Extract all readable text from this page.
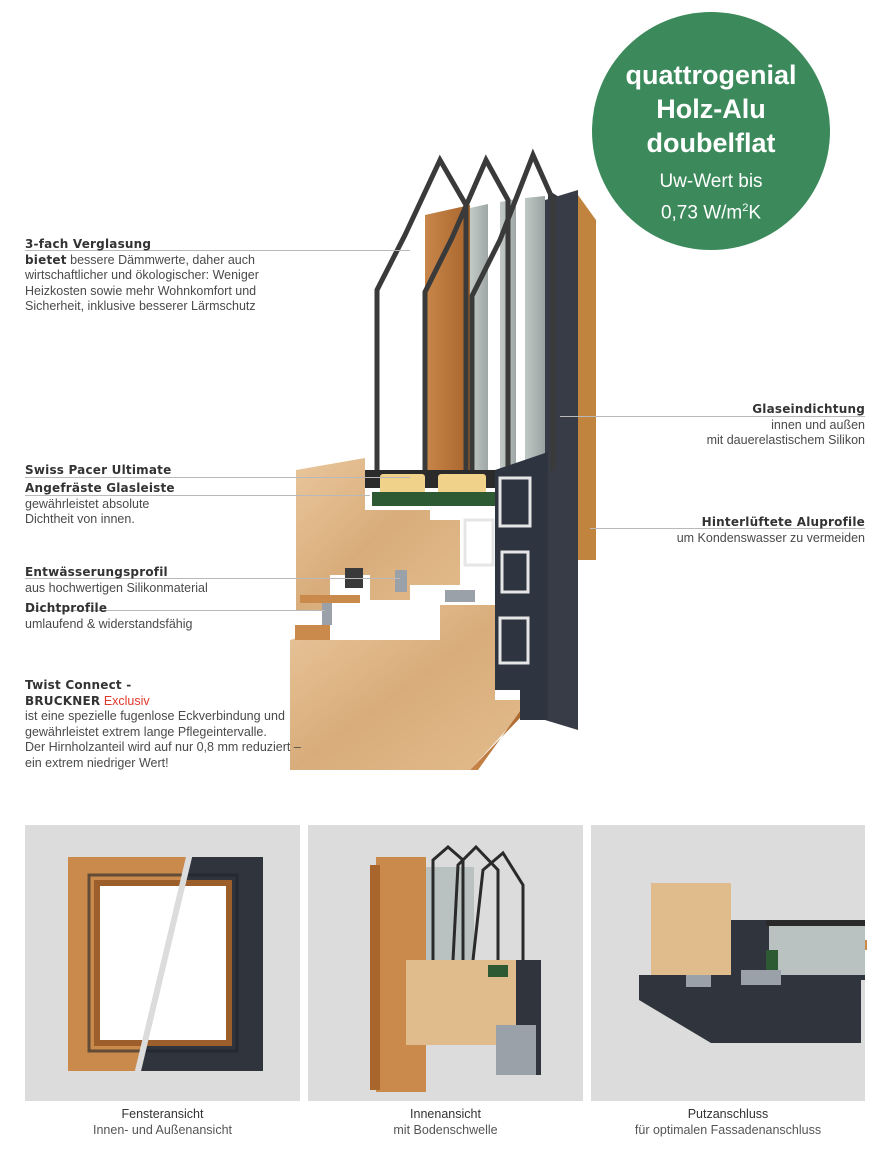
quattrogenial
Holz-Alu
doubelflat
Uw-Wert bis
0,73 $W/m^2K$
3-fach Verglasung
bietet bessere Dämmwerte, daher auch
wirtschaftlicher und ökologischer: Weniger
Heizkosten sowie mehr Wohnkomfort und
Sicherheit, inklusive besserer Lärmschutz
Swiss Pacer Ultimate
Angefräste Glasleiste
gewährleistet absolute
Dichtheit von innen.
Entwässerungsprofil
aus hochwertigen Silikonmaterial
Dichtprofile
umlaufend & widerstandsfähig
Twist Connect -
BRUCKNER Exclusiv
ist eine spezielle fugenlose Eckverbindung und
gewährleistet extrem lange Pflegeintervalle.
Der Hirnholzanteil wird auf nur 0,8 mm reduziert –
ein extrem niedriger Wert!
Glaseindichtung
innen und außen
mit dauerelastischem Silikon
Hinterlüftete Aluprofile
um Kondenswasser zu vermeiden
Fensteransicht
Innen- und Außenansicht
Innenansicht
mit Bodenschwelle
Putzanschluss
für optimalen Fassadenanschluss
